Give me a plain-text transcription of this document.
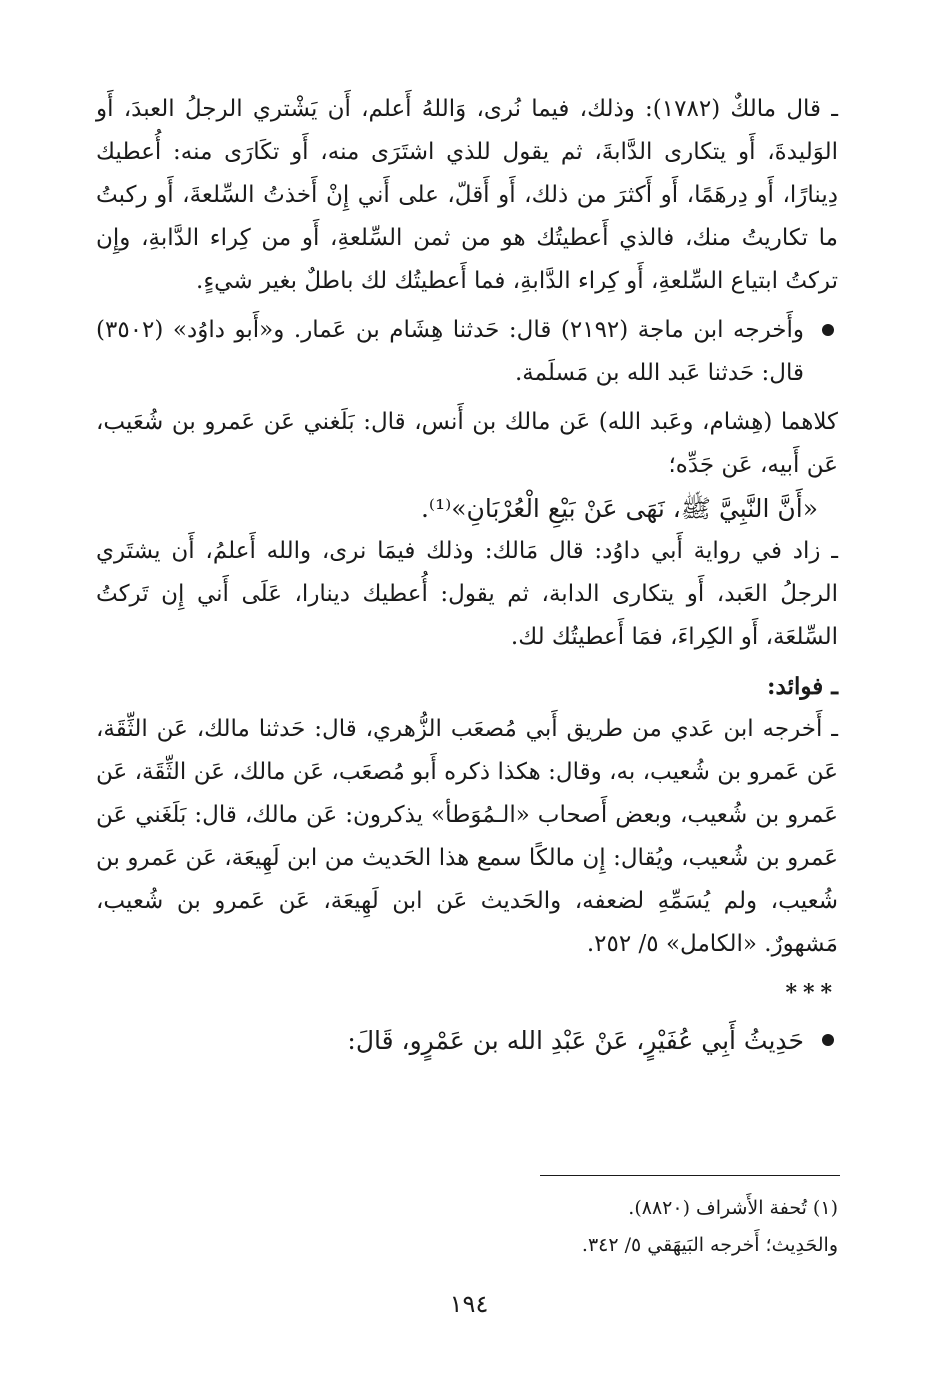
ـ قال مالكٌ (١٧٨٢): وذلك، فيما نُرى، وَاللهُ أَعلم، أَن يَشْتري الرجلُ العبدَ، أَو الوَليدةَ، أَو يتكارى الدَّابةَ، ثم يقول للذي اشتَرَى منه، أَو تكَارَى منه: أُعطيك دِينارًا، أَو دِرهَمًا، أَو أَكثرَ من ذلك، أَو أَقلّ، على أَني إِنْ أَخذتُ السِّلعةَ، أَو ركبتُ ما تكاريتُ منك، فالذي أَعطيتُك هو من ثمن السِّلعةِ، أَو من كِراء الدَّابةِ، وإِن تركتُ ابتياع السِّلعةِ، أَو كِراء الدَّابةِ، فما أَعطيتُك لك باطلٌ بغير شيءٍ.

وأَخرجه ابن ماجة (٢١٩٢) قال: حَدثنا هِشَام بن عَمار. و«أَبو داوُد» (٣٥٠٢) قال: حَدثنا عَبد الله بن مَسلَمة.

كلاهما (هِشام، وعَبد الله) عَن مالك بن أَنس، قال: بَلَغني عَن عَمرو بن شُعَيب، عَن أَبيه، عَن جَدِّه؛

«أَنَّ النَّبِيَّ ﷺ، نَهَى عَنْ بَيْعِ الْعُرْبَانِ»⁽¹⁾.

ـ زاد في رواية أَبي داوُد: قال مَالك: وذلك فيمَا نرى، والله أَعلمُ، أَن يشتَري الرجلُ العَبد، أَو يتكارى الدابة، ثم يقول: أُعطيك دينارا، عَلَى أَني إِن تَركتُ السِّلعَة، أَو الكِراءَ، فمَا أَعطيتُك لك.

ـ فوائد:

ـ أَخرجه ابن عَدي من طريق أَبي مُصعَب الزُّهري، قال: حَدثنا مالك، عَن الثِّقَة، عَن عَمرو بن شُعيب، به، وقال: هكذا ذكره أَبو مُصعَب، عَن مالك، عَن الثِّقَة، عَن عَمرو بن شُعيب، وبعض أَصحاب «الـمُوَطأ» يذكرون: عَن مالك، قال: بَلَغَني عَن عَمرو بن شُعيب، ويُقال: إِن مالكًا سمع هذا الحَديث من ابن لَهِيعَة، عَن عَمرو بن شُعيب، ولم يُسَمِّهِ لضعفه، والحَديث عَن ابن لَهِيعَة، عَن عَمرو بن شُعيب، مَشهورٌ. «الكامل» ٥/ ٢٥٢.

***

حَدِيثُ أَبِي عُفَيْرٍ، عَنْ عَبْدِ الله بن عَمْرٍو، قَالَ:

(١) تُحفة الأَشراف (٨٨٢٠).

والحَدِيث؛ أَخرجه البَيهَقي ٥/ ٣٤٢.

١٩٤
